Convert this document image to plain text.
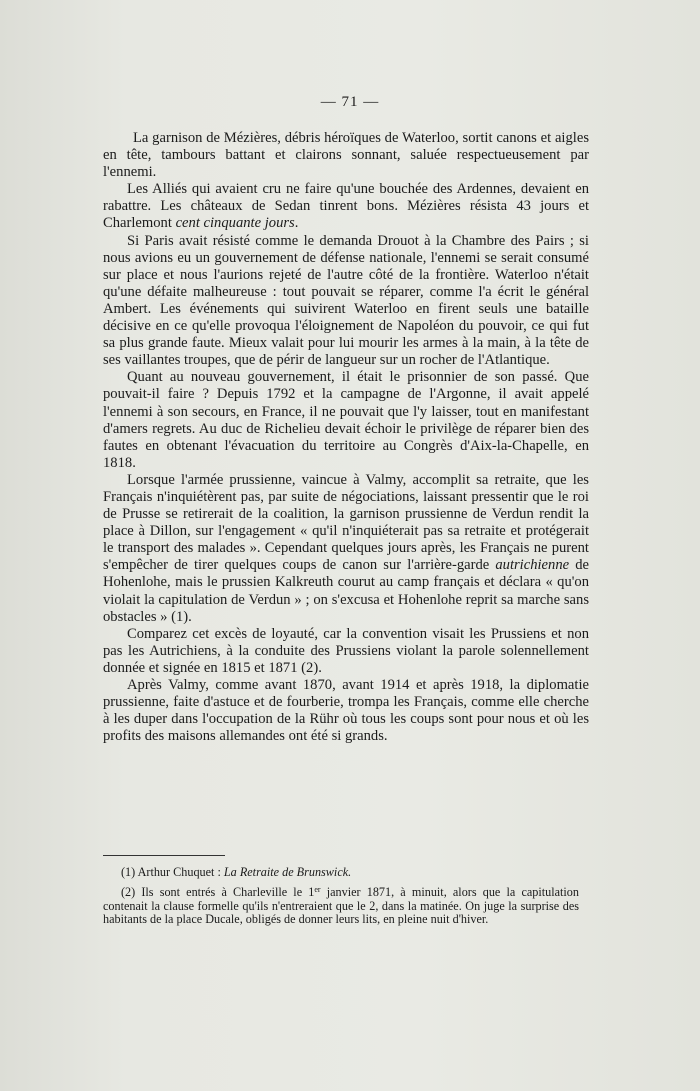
— 71 —

La garnison de Mézières, débris héroïques de Waterloo, sortit canons et aigles en tête, tambours battant et clairons sonnant, saluée respectueusement par l'ennemi.

Les Alliés qui avaient cru ne faire qu'une bouchée des Ardennes, devaient en rabattre. Les châteaux de Sedan tinrent bons. Mézières résista 43 jours et Charlemont cent cinquante jours.

Si Paris avait résisté comme le demanda Drouot à la Chambre des Pairs ; si nous avions eu un gouvernement de défense nationale, l'ennemi se serait consumé sur place et nous l'aurions rejeté de l'autre côté de la frontière. Waterloo n'était qu'une défaite malheureuse : tout pouvait se réparer, comme l'a écrit le général Ambert. Les événements qui suivirent Waterloo en firent seuls une bataille décisive en ce qu'elle provoqua l'éloignement de Napoléon du pouvoir, ce qui fut sa plus grande faute. Mieux valait pour lui mourir les armes à la main, à la tête de ses vaillantes troupes, que de périr de langueur sur un rocher de l'Atlantique.

Quant au nouveau gouvernement, il était le prisonnier de son passé. Que pouvait-il faire ? Depuis 1792 et la campagne de l'Argonne, il avait appelé l'ennemi à son secours, en France, il ne pouvait que l'y laisser, tout en manifestant d'amers regrets. Au duc de Richelieu devait échoir le privilège de réparer bien des fautes en obtenant l'évacuation du territoire au Congrès d'Aix-la-Chapelle, en 1818.

Lorsque l'armée prussienne, vaincue à Valmy, accomplit sa retraite, que les Français n'inquiétèrent pas, par suite de négociations, laissant pressentir que le roi de Prusse se retirerait de la coalition, la garnison prussienne de Verdun rendit la place à Dillon, sur l'engagement « qu'il n'inquiéterait pas sa retraite et protégerait le transport des malades ». Cependant quelques jours après, les Français ne purent s'empêcher de tirer quelques coups de canon sur l'arrière-garde autrichienne de Hohenlohe, mais le prussien Kalkreuth courut au camp français et déclara « qu'on violait la capitulation de Verdun » ; on s'excusa et Hohenlohe reprit sa marche sans obstacles » (1).

Comparez cet excès de loyauté, car la convention visait les Prussiens et non pas les Autrichiens, à la conduite des Prussiens violant la parole solennellement donnée et signée en 1815 et 1871 (2).

Après Valmy, comme avant 1870, avant 1914 et après 1918, la diplomatie prussienne, faite d'astuce et de fourberie, trompa les Français, comme elle cherche à les duper dans l'occupation de la Rühr où tous les coups sont pour nous et où les profits des maisons allemandes ont été si grands.

(1) Arthur Chuquet : La Retraite de Brunswick.

(2) Ils sont entrés à Charleville le 1er janvier 1871, à minuit, alors que la capitulation contenait la clause formelle qu'ils n'entreraient que le 2, dans la matinée. On juge la surprise des habitants de la place Ducale, obligés de donner leurs lits, en pleine nuit d'hiver.
